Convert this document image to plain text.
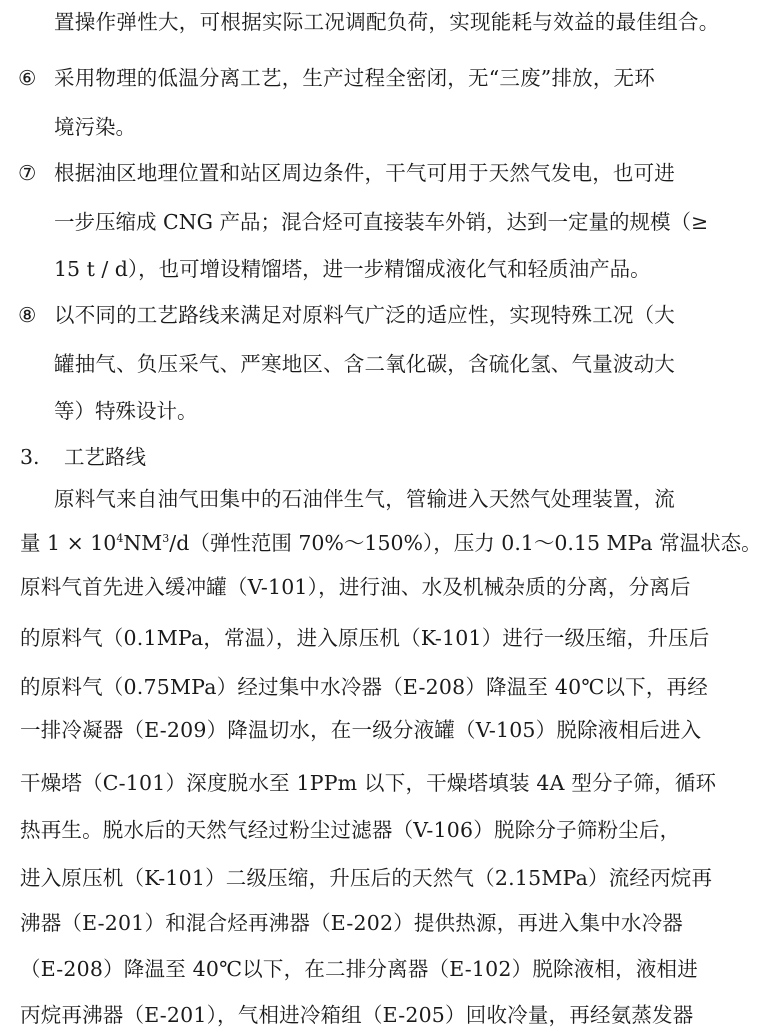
置操作弹性大，可根据实际工况调配负荷，实现能耗与效益的最佳组合。
⑥ 采用物理的低温分离工艺，生产过程全密闭，无“三废”排放，无环
境污染。
⑦ 根据油区地理位置和站区周边条件，干气可用于天然气发电，也可进
一步压缩成 CNG 产品；混合烃可直接装车外销，达到一定量的规模（≥
15 t / d），也可增设精馏塔，进一步精馏成液化气和轻质油产品。
⑧ 以不同的工艺路线来满足对原料气广泛的适应性，实现特殊工况（大
罐抽气、负压采气、严寒地区、含二氧化碳，含硫化氢、气量波动大
等）特殊设计。
3. 工艺路线
原料气来自油气田集中的石油伴生气，管输进入天然气处理装置，流
量 $1 \times 10^4NM^3/d$（弹性范围 70%～150%），压力 0.1～0.15 MPa 常温状态。
原料气首先进入缓冲罐（V-101），进行油、水及机械杂质的分离，分离后
的原料气（0.1MPa，常温），进入原压机（K-101）进行一级压缩，升压后
的原料气（0.75MPa）经过集中水冷器（E-208）降温至 40℃以下，再经
一排冷凝器（E-209）降温切水，在一级分液罐（V-105）脱除液相后进入
干燥塔（C-101）深度脱水至 1PPm 以下，干燥塔填装 4A 型分子筛，循环
热再生。脱水后的天然气经过粉尘过滤器（V-106）脱除分子筛粉尘后，
进入原压机（K-101）二级压缩，升压后的天然气（2.15MPa）流经丙烷再
沸器（E-201）和混合烃再沸器（E-202）提供热源，再进入集中水冷器
（E-208）降温至 40℃以下，在二排分离器（E-102）脱除液相，液相进
丙烷再沸器（E-201），气相进冷箱组（E-205）回收冷量，再经氨蒸发器
